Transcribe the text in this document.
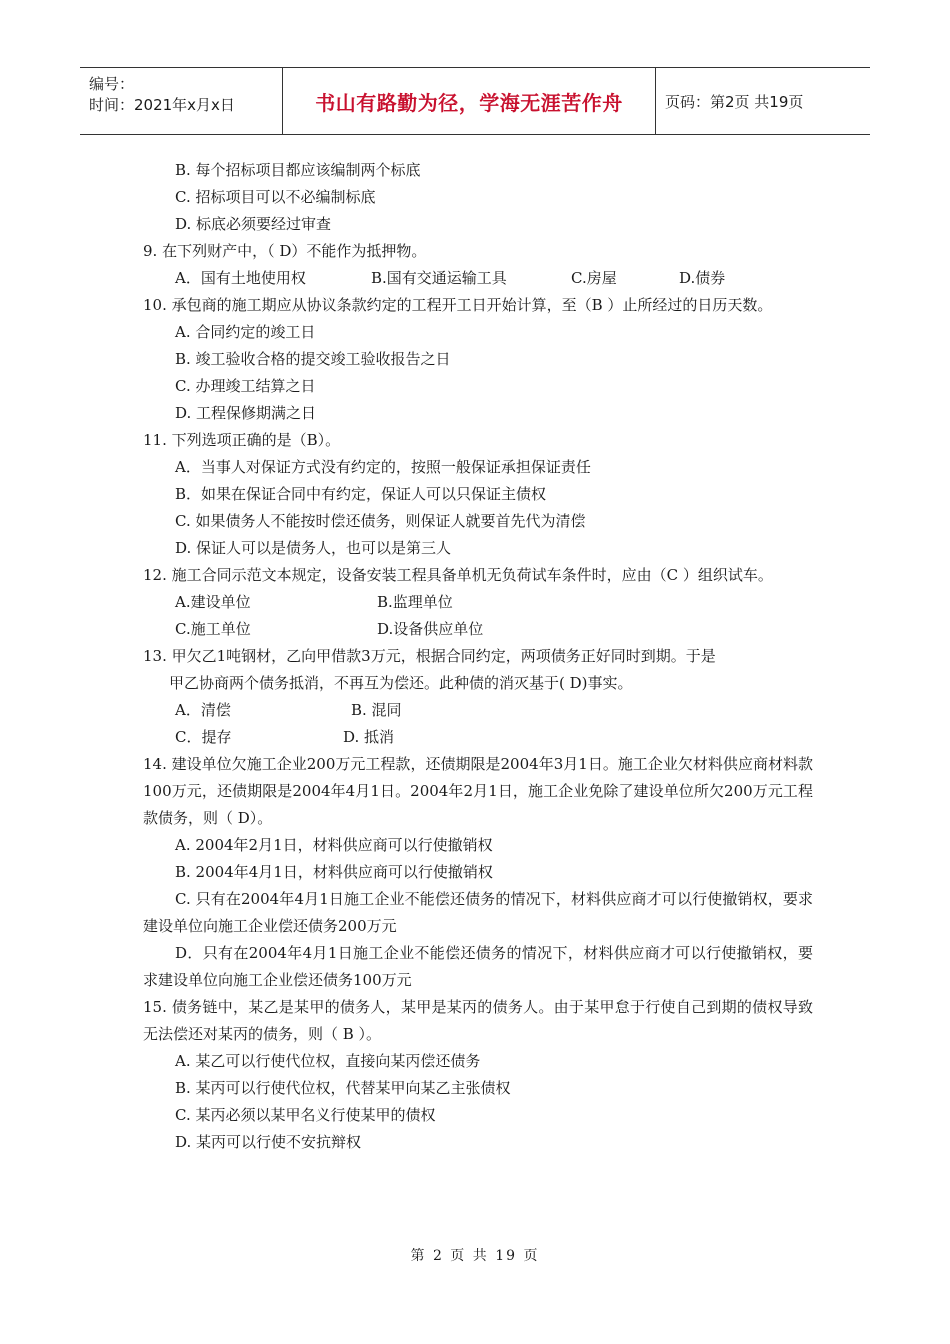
编号：
时间：2021年x月x日	书山有路勤为径，学海无涯苦作舟	页码：第2页 共19页
B. 每个招标项目都应该编制两个标底
C. 招标项目可以不必编制标底
D. 标底必须要经过审查
9. 在下列财产中，（ D）不能作为抵押物。
A．国有土地使用权	B.国有交通运输工具	C.房屋	D.债券
10. 承包商的施工期应从协议条款约定的工程开工日开始计算，至（B ）止所经过的日历天数。
A. 合同约定的竣工日
B. 竣工验收合格的提交竣工验收报告之日
C. 办理竣工结算之日
D. 工程保修期满之日
11. 下列选项正确的是（B）。
A．当事人对保证方式没有约定的，按照一般保证承担保证责任
B．如果在保证合同中有约定，保证人可以只保证主债权
C. 如果债务人不能按时偿还债务，则保证人就要首先代为清偿
D. 保证人可以是债务人，也可以是第三人
12. 施工合同示范文本规定，设备安装工程具备单机无负荷试车条件时，应由（C ）组织试车。
A.建设单位	B.监理单位
C.施工单位	D.设备供应单位
13. 甲欠乙1吨钢材，乙向甲借款3万元，根据合同约定，两项债务正好同时到期。于是
甲乙协商两个债务抵消，不再互为偿还。此种债的消灭基于( D)事实。
A．清偿	B. 混同
C．提存	D. 抵消
14. 建设单位欠施工企业200万元工程款，还债期限是2004年3月1日。施工企业欠材料供应商材料款100万元，还债期限是2004年4月1日。2004年2月1日，施工企业免除了建设单位所欠200万元工程款债务，则（ D）。
A. 2004年2月1日，材料供应商可以行使撤销权
B. 2004年4月1日，材料供应商可以行使撤销权
C. 只有在2004年4月1日施工企业不能偿还债务的情况下，材料供应商才可以行使撤销权，要求建设单位向施工企业偿还债务200万元
D．只有在2004年4月1日施工企业不能偿还债务的情况下，材料供应商才可以行使撤销权，要求建设单位向施工企业偿还债务100万元
15. 债务链中，某乙是某甲的债务人，某甲是某丙的债务人。由于某甲怠于行使自己到期的债权导致无法偿还对某丙的债务，则（ B ）。
A. 某乙可以行使代位权，直接向某丙偿还债务
B. 某丙可以行使代位权，代替某甲向某乙主张债权
C. 某丙必须以某甲名义行使某甲的债权
D. 某丙可以行使不安抗辩权
第 2 页 共 19 页
